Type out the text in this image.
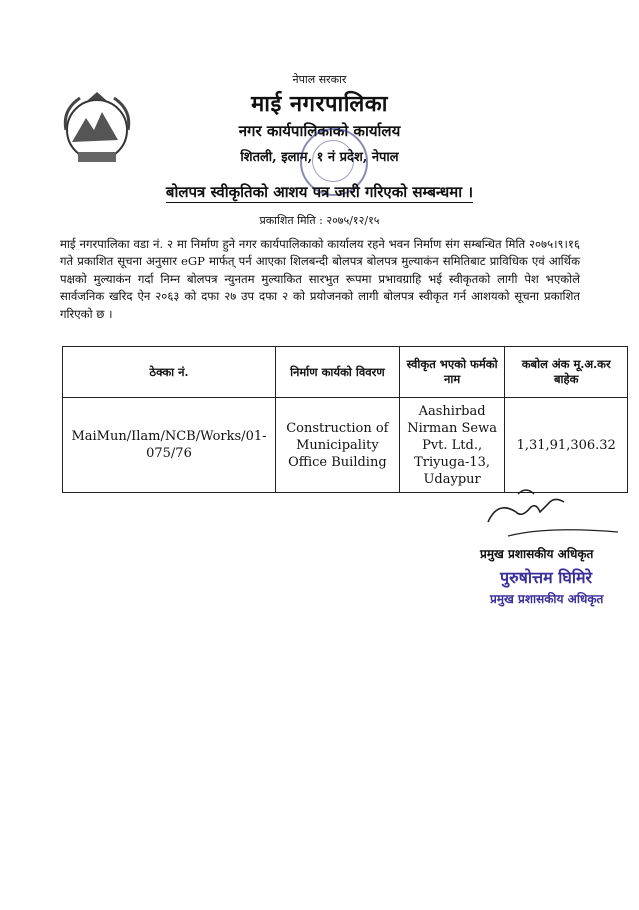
नेपाल सरकार
माई नगरपालिका
नगर कार्यपालिकाको कार्यालय
शितली, इलाम, १ नं प्रदेश, नेपाल
बोलपत्र स्वीकृतिको आशय पत्र जारी गरिएको सम्बन्धमा ।
प्रकाशित मिति : २०७५/१२/१५
माई नगरपालिका वडा नं. २ मा निर्माण हुने नगर कार्यपालिकाको कार्यालय रहने भवन निर्माण संग सम्बन्धित मिति २०७५।९।१६ गते प्रकाशित सूचना अनुसार eGP मार्फत् पर्न आएका शिलबन्दी बोलपत्र बोलपत्र मुल्याकंन समितिबाट प्राविधिक एवं आर्थिक पक्षको मुल्याकंन गर्दा निम्न बोलपत्र न्युनतम मुल्याकित सारभुत रूपमा प्रभावग्राहि भई स्वीकृतको लागी पेश भएकोले सार्वजनिक खरिद ऐन २०६३ को दफा २७ उप दफा २ को प्रयोजनको लागी बोलपत्र स्वीकृत गर्न आशयको सूचना प्रकाशित गरिएको छ ।
ठेक्का नं.	निर्माण कार्यको विवरण	स्वीकृत भएको फर्मको नाम	कबोल अंक मू.अ.कर बाहेक
MaiMun/Ilam/NCB/Works/01-075/76	Construction of Municipality Office Building	Aashirbad Nirman Sewa Pvt. Ltd., Triyuga-13, Udaypur	1,31,91,306.32
प्रमुख प्रशासकीय अधिकृत
पुरुषोत्तम घिमिरे
प्रमुख प्रशासकीय अधिकृत
